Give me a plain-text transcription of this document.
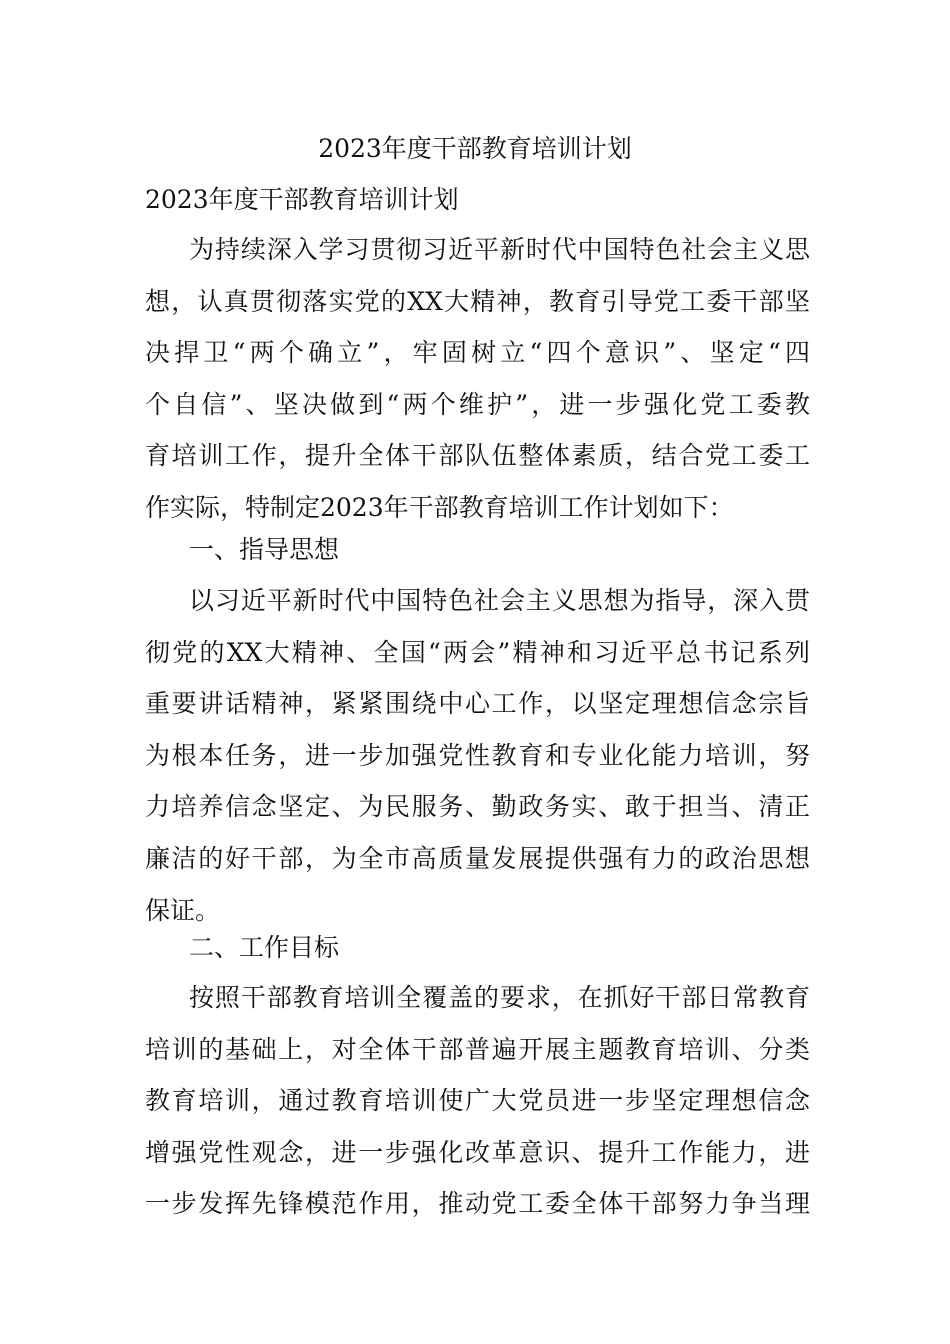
2023年度干部教育培训计划
2023年度干部教育培训计划
为持续深入学习贯彻习近平新时代中国特色社会主义思
想，认真贯彻落实党的XX大精神，教育引导党工委干部坚
决捍卫“两个确立”，牢固树立“四个意识”、坚定“四
个自信”、坚决做到“两个维护”，进一步强化党工委教
育培训工作，提升全体干部队伍整体素质，结合党工委工
作实际，特制定2023年干部教育培训工作计划如下：
一、指导思想
以习近平新时代中国特色社会主义思想为指导，深入贯
彻党的XX大精神、全国“两会”精神和习近平总书记系列
重要讲话精神，紧紧围绕中心工作，以坚定理想信念宗旨
为根本任务，进一步加强党性教育和专业化能力培训，努
力培养信念坚定、为民服务、勤政务实、敢于担当、清正
廉洁的好干部，为全市高质量发展提供强有力的政治思想
保证。
二、工作目标
按照干部教育培训全覆盖的要求，在抓好干部日常教育
培训的基础上，对全体干部普遍开展主题教育培训、分类
教育培训，通过教育培训使广大党员进一步坚定理想信念
增强党性观念，进一步强化改革意识、提升工作能力，进
一步发挥先锋模范作用，推动党工委全体干部努力争当理
